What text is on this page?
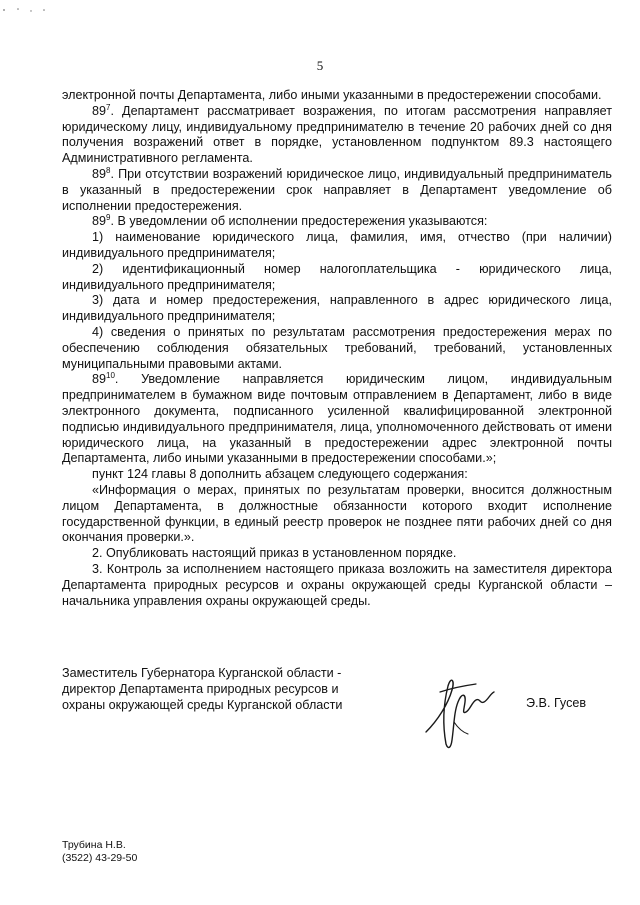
5

электронной почты Департамента, либо иными указанными в предостережении способами.

$89^7$. Департамент рассматривает возражения, по итогам рассмотрения направляет юридическому лицу, индивидуальному предпринимателю в течение 20 рабочих дней со дня получения возражений ответ в порядке, установленном подпунктом 89.3 настоящего Административного регламента.

$89^8$. При отсутствии возражений юридическое лицо, индивидуальный предприниматель в указанный в предостережении срок направляет в Департамент уведомление об исполнении предостережения.

$89^9$. В уведомлении об исполнении предостережения указываются:

1) наименование юридического лица, фамилия, имя, отчество (при наличии) индивидуального предпринимателя;

2) идентификационный номер налогоплательщика - юридического лица, индивидуального предпринимателя;

3) дата и номер предостережения, направленного в адрес юридического лица, индивидуального предпринимателя;

4) сведения о принятых по результатам рассмотрения предостережения мерах по обеспечению соблюдения обязательных требований, требований, установленных муниципальными правовыми актами.

$89^{10}$. Уведомление направляется юридическим лицом, индивидуальным предпринимателем в бумажном виде почтовым отправлением в Департамент, либо в виде электронного документа, подписанного усиленной квалифицированной электронной подписью индивидуального предпринимателя, лица, уполномоченного действовать от имени юридического лица, на указанный в предостережении адрес электронной почты Департамента, либо иными указанными в предостережении способами.»;

пункт 124 главы 8 дополнить абзацем следующего содержания:

«Информация о мерах, принятых по результатам проверки, вносится должностным лицом Департамента, в должностные обязанности которого входит исполнение государственной функции, в единый реестр проверок не позднее пяти рабочих дней со дня окончания проверки.».

2. Опубликовать настоящий приказ в установленном порядке.

3. Контроль за исполнением настоящего приказа возложить на заместителя директора Департамента природных ресурсов и охраны окружающей среды Курганской области – начальника управления охраны окружающей среды.

Заместитель Губернатора Курганской области -
директор Департамента природных ресурсов и
охраны окружающей среды Курганской области	Э.В. Гусев
Трубина Н.В.
(3522) 43-29-50
